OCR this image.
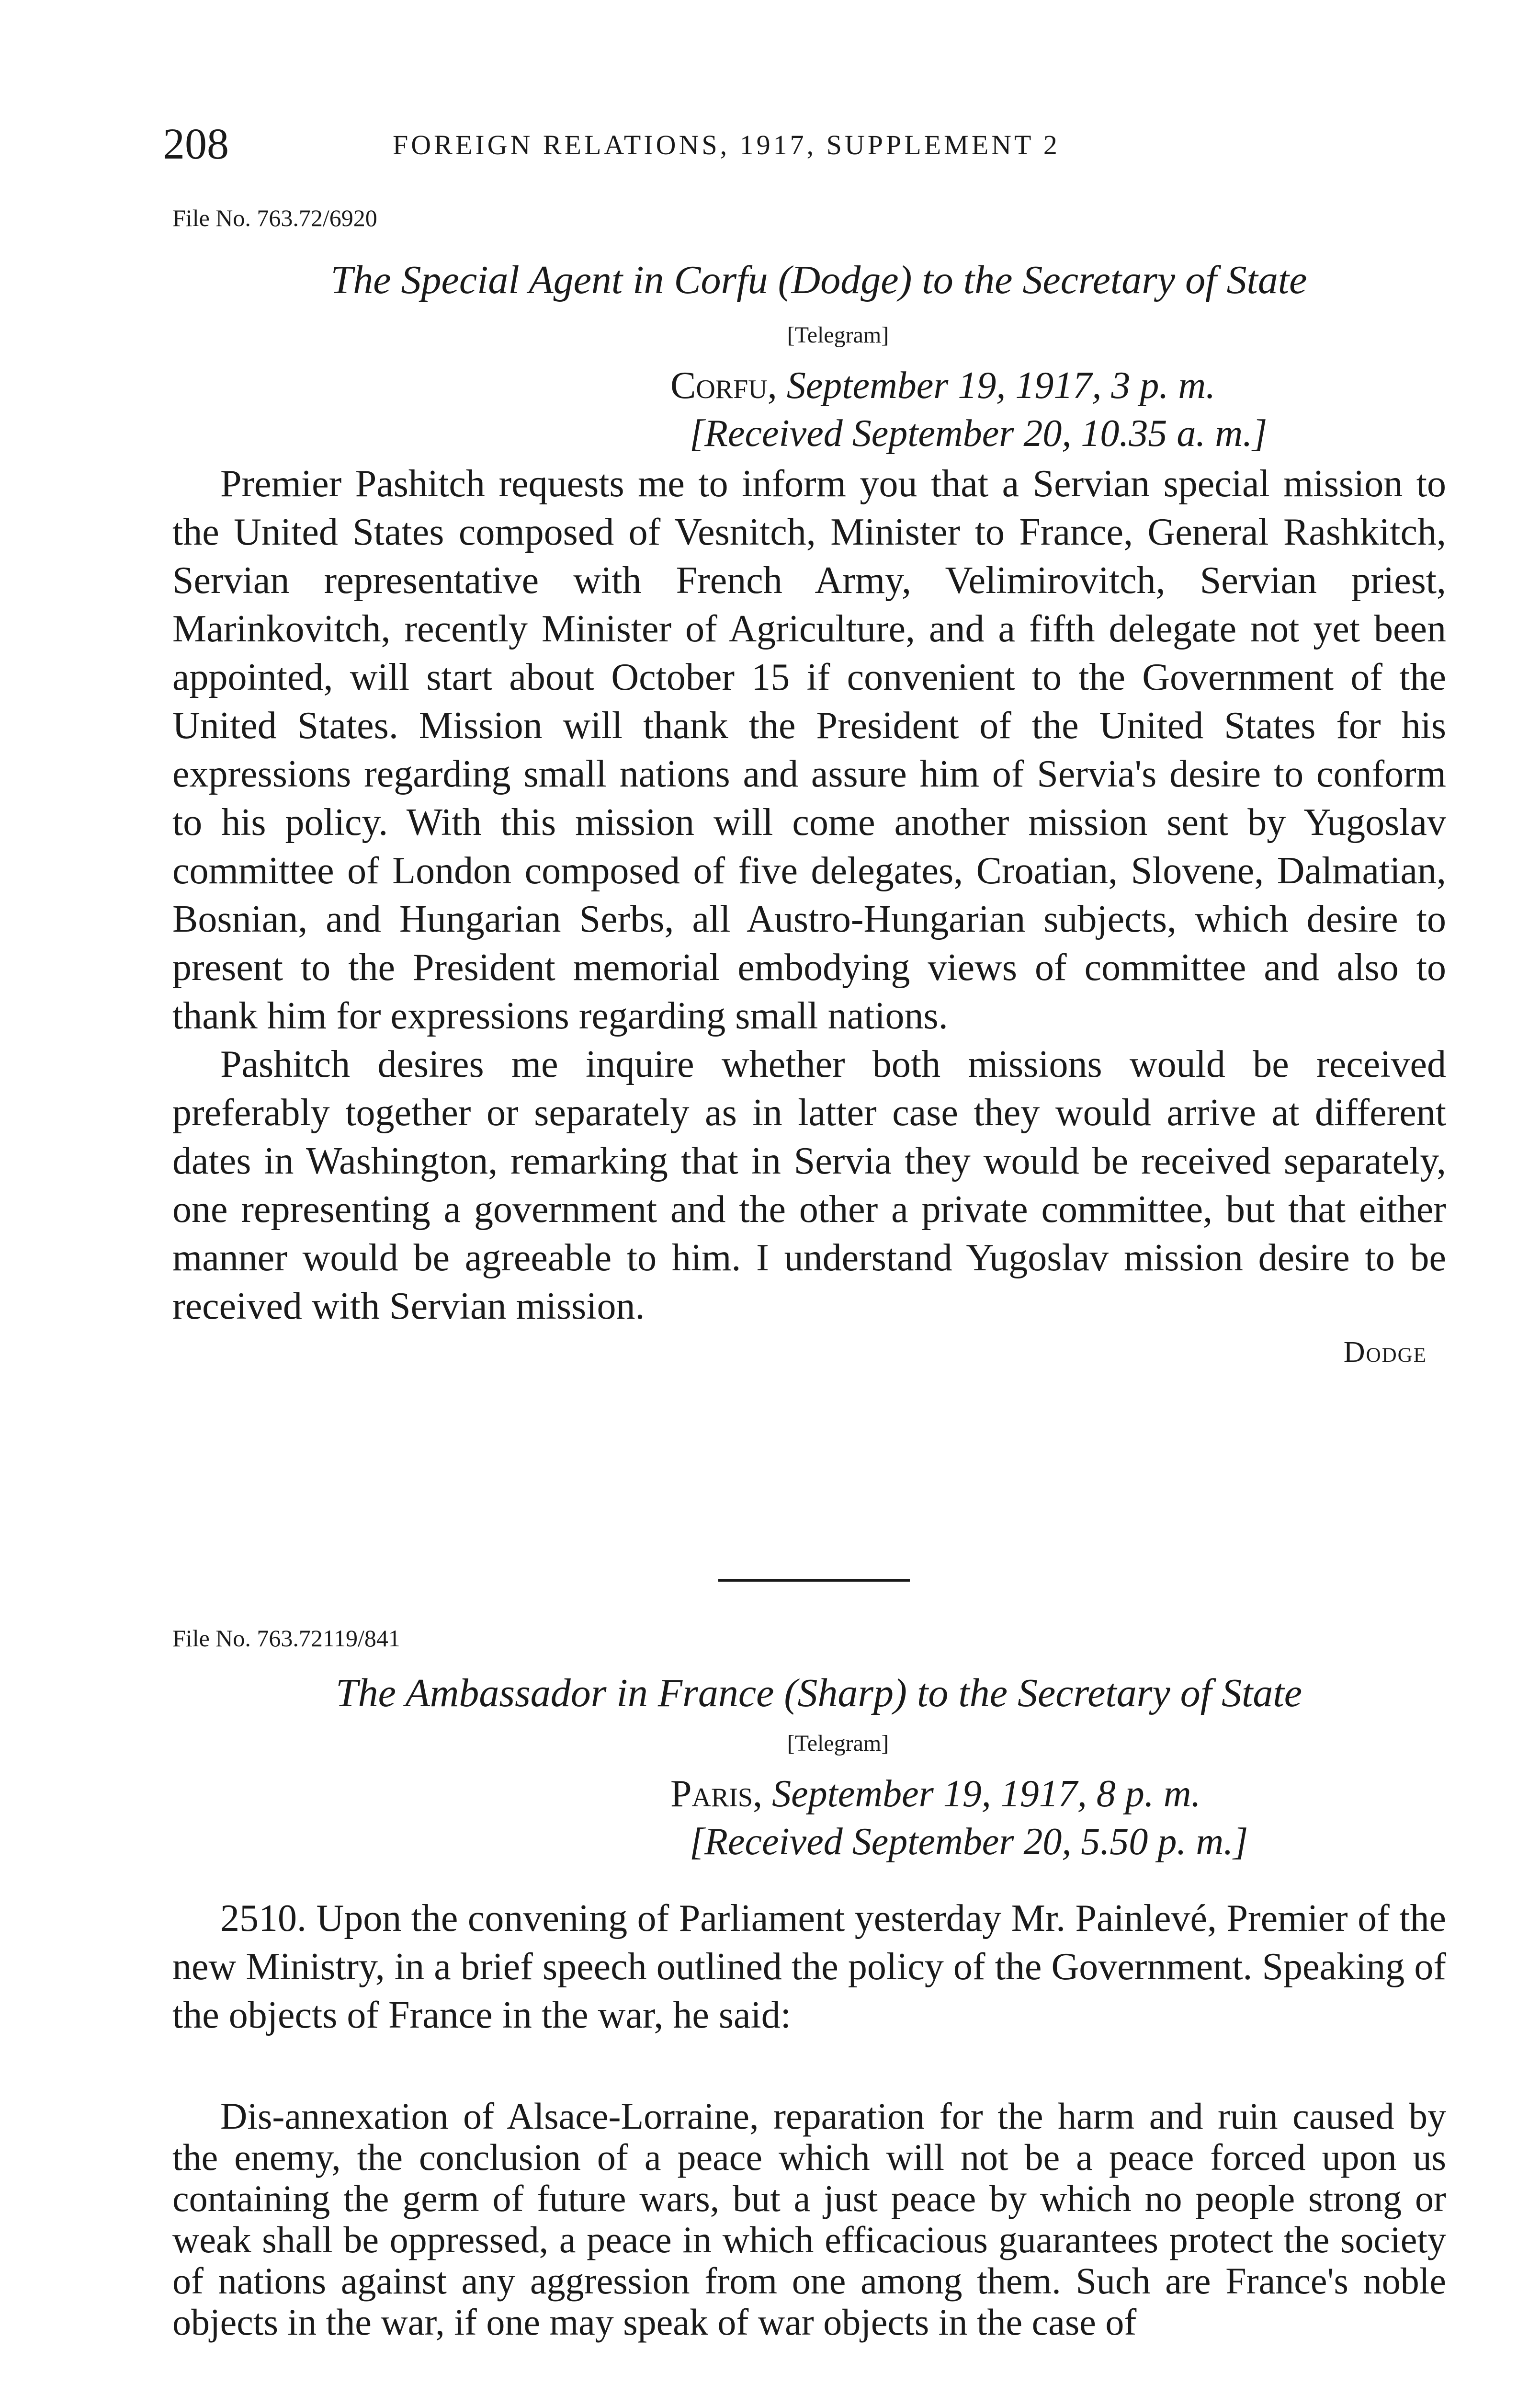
208	FOREIGN RELATIONS, 1917, SUPPLEMENT 2
File No. 763.72/6920
The Special Agent in Corfu (Dodge) to the Secretary of State
[Telegram]
Corfu, September 19, 1917, 3 p. m.
[Received September 20, 10.35 a. m.]

Premier Pashitch requests me to inform you that a Servian special mission to the United States composed of Vesnitch, Minister to France, General Rashkitch, Servian representative with French Army, Velimirovitch, Servian priest, Marinkovitch, recently Minister of Agriculture, and a fifth delegate not yet been appointed, will start about October 15 if convenient to the Government of the United States. Mission will thank the President of the United States for his expressions regarding small nations and assure him of Servia's desire to conform to his policy. With this mission will come another mission sent by Yugoslav committee of London composed of five delegates, Croatian, Slovene, Dalmatian, Bosnian, and Hungarian Serbs, all Austro-Hungarian subjects, which desire to present to the President memorial embodying views of committee and also to thank him for expressions regarding small nations.

Pashitch desires me inquire whether both missions would be received preferably together or separately as in latter case they would arrive at different dates in Washington, remarking that in Servia they would be received separately, one representing a government and the other a private committee, but that either manner would be agreeable to him. I understand Yugoslav mission desire to be received with Servian mission.

Dodge
File No. 763.72119/841
The Ambassador in France (Sharp) to the Secretary of State
[Telegram]
Paris, September 19, 1917, 8 p. m.
[Received September 20, 5.50 p. m.]

2510. Upon the convening of Parliament yesterday Mr. Painlevé, Premier of the new Ministry, in a brief speech outlined the policy of the Government. Speaking of the objects of France in the war, he said:

Dis-annexation of Alsace-Lorraine, reparation for the harm and ruin caused by the enemy, the conclusion of a peace which will not be a peace forced upon us containing the germ of future wars, but a just peace by which no people strong or weak shall be oppressed, a peace in which efficacious guarantees protect the society of nations against any aggression from one among them. Such are France's noble objects in the war, if one may speak of war objects in the case of
